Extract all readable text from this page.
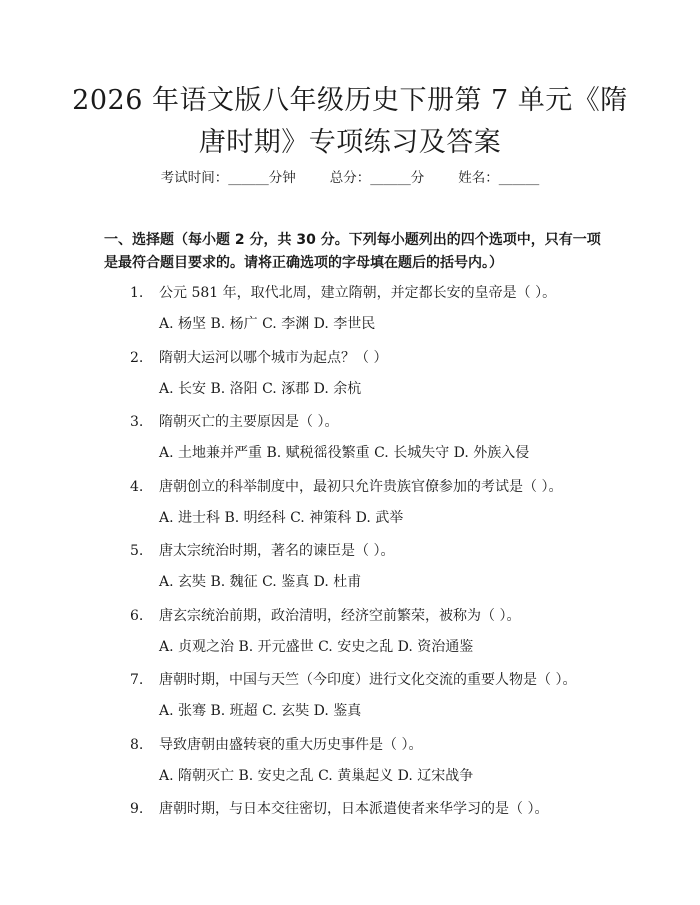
2026 年语文版八年级历史下册第 7 单元《隋
唐时期》专项练习及答案
考试时间：______分钟	总分：______分	姓名：______
一、选择题（每小题 2 分，共 30 分。下列每小题列出的四个选项中，只有一项是最符合题目要求的。请将正确选项的字母填在题后的括号内。）
1. 公元 581 年，取代北周，建立隋朝，并定都长安的皇帝是（ ）。
A. 杨坚 B. 杨广 C. 李渊 D. 李世民
2. 隋朝大运河以哪个城市为起点？（ ）
A. 长安 B. 洛阳 C. 涿郡 D. 余杭
3. 隋朝灭亡的主要原因是（ ）。
A. 土地兼并严重 B. 赋税徭役繁重 C. 长城失守 D. 外族入侵
4. 唐朝创立的科举制度中，最初只允许贵族官僚参加的考试是（ ）。
A. 进士科 B. 明经科 C. 神策科 D. 武举
5. 唐太宗统治时期，著名的谏臣是（ ）。
A. 玄奘 B. 魏征 C. 鉴真 D. 杜甫
6. 唐玄宗统治前期，政治清明，经济空前繁荣，被称为（ ）。
A. 贞观之治 B. 开元盛世 C. 安史之乱 D. 资治通鉴
7. 唐朝时期，中国与天竺（今印度）进行文化交流的重要人物是（ ）。
A. 张骞 B. 班超 C. 玄奘 D. 鉴真
8. 导致唐朝由盛转衰的重大历史事件是（ ）。
A. 隋朝灭亡 B. 安史之乱 C. 黄巢起义 D. 辽宋战争
9. 唐朝时期，与日本交往密切，日本派遣使者来华学习的是（ ）。
